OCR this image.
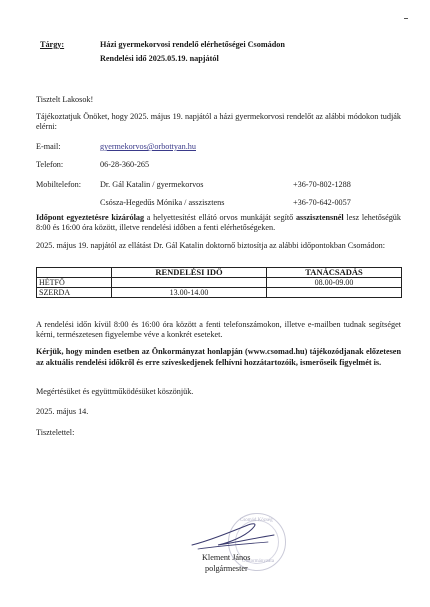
Tárgy:	Házi gyermekorvosi rendelő elérhetőségei Csomádon
Rendelési idő 2025.05.19. napjától
Tisztelt Lakosok!
Tájékoztatjuk Önöket, hogy 2025. május 19. napjától a házi gyermekorvosi rendelőt az alábbi módokon tudják elérni:
E-mail:	gyermekorvos@orbottyan.hu
Telefon:	06-28-360-265
Mobiltelefon: Dr. Gál Katalin / gyermekorvos	+36-70-802-1288
Csósza-Hegedűs Mónika / asszisztens	+36-70-642-0057
Időpont egyeztetésre kizárólag a helyettesítést ellátó orvos munkáját segítő asszisztensnél lesz lehetőségük 8:00 és 16:00 óra között, illetve rendelési időben a fenti elérhetőségeken.
2025. május 19. napjától az ellátást Dr. Gál Katalin doktornő biztosítja az alábbi időpontokban Csomádon:
	RENDELÉSI IDŐ	TANÁCSADÁS
HÉTFŐ		08.00-09.00
SZERDA	13.00-14.00	
A rendelési időn kívül 8:00 és 16:00 óra között a fenti telefonszámokon, illetve e-mailben tudnak segítséget kérni, természetesen figyelembe véve a konkrét eseteket.
Kérjük, hogy minden esetben az Önkormányzat honlapján (www.csomad.hu) tájékozódjanak előzetesen az aktuális rendelési időkről és erre szíveskedjenek felhívni hozzátartozóik, ismerőseik figyelmét is.
Megértésüket és együttműködésüket köszönjük.
2025. május 14.
Tisztelettel:
Csomád Község
Önkormányzata
Klement János
polgármester
